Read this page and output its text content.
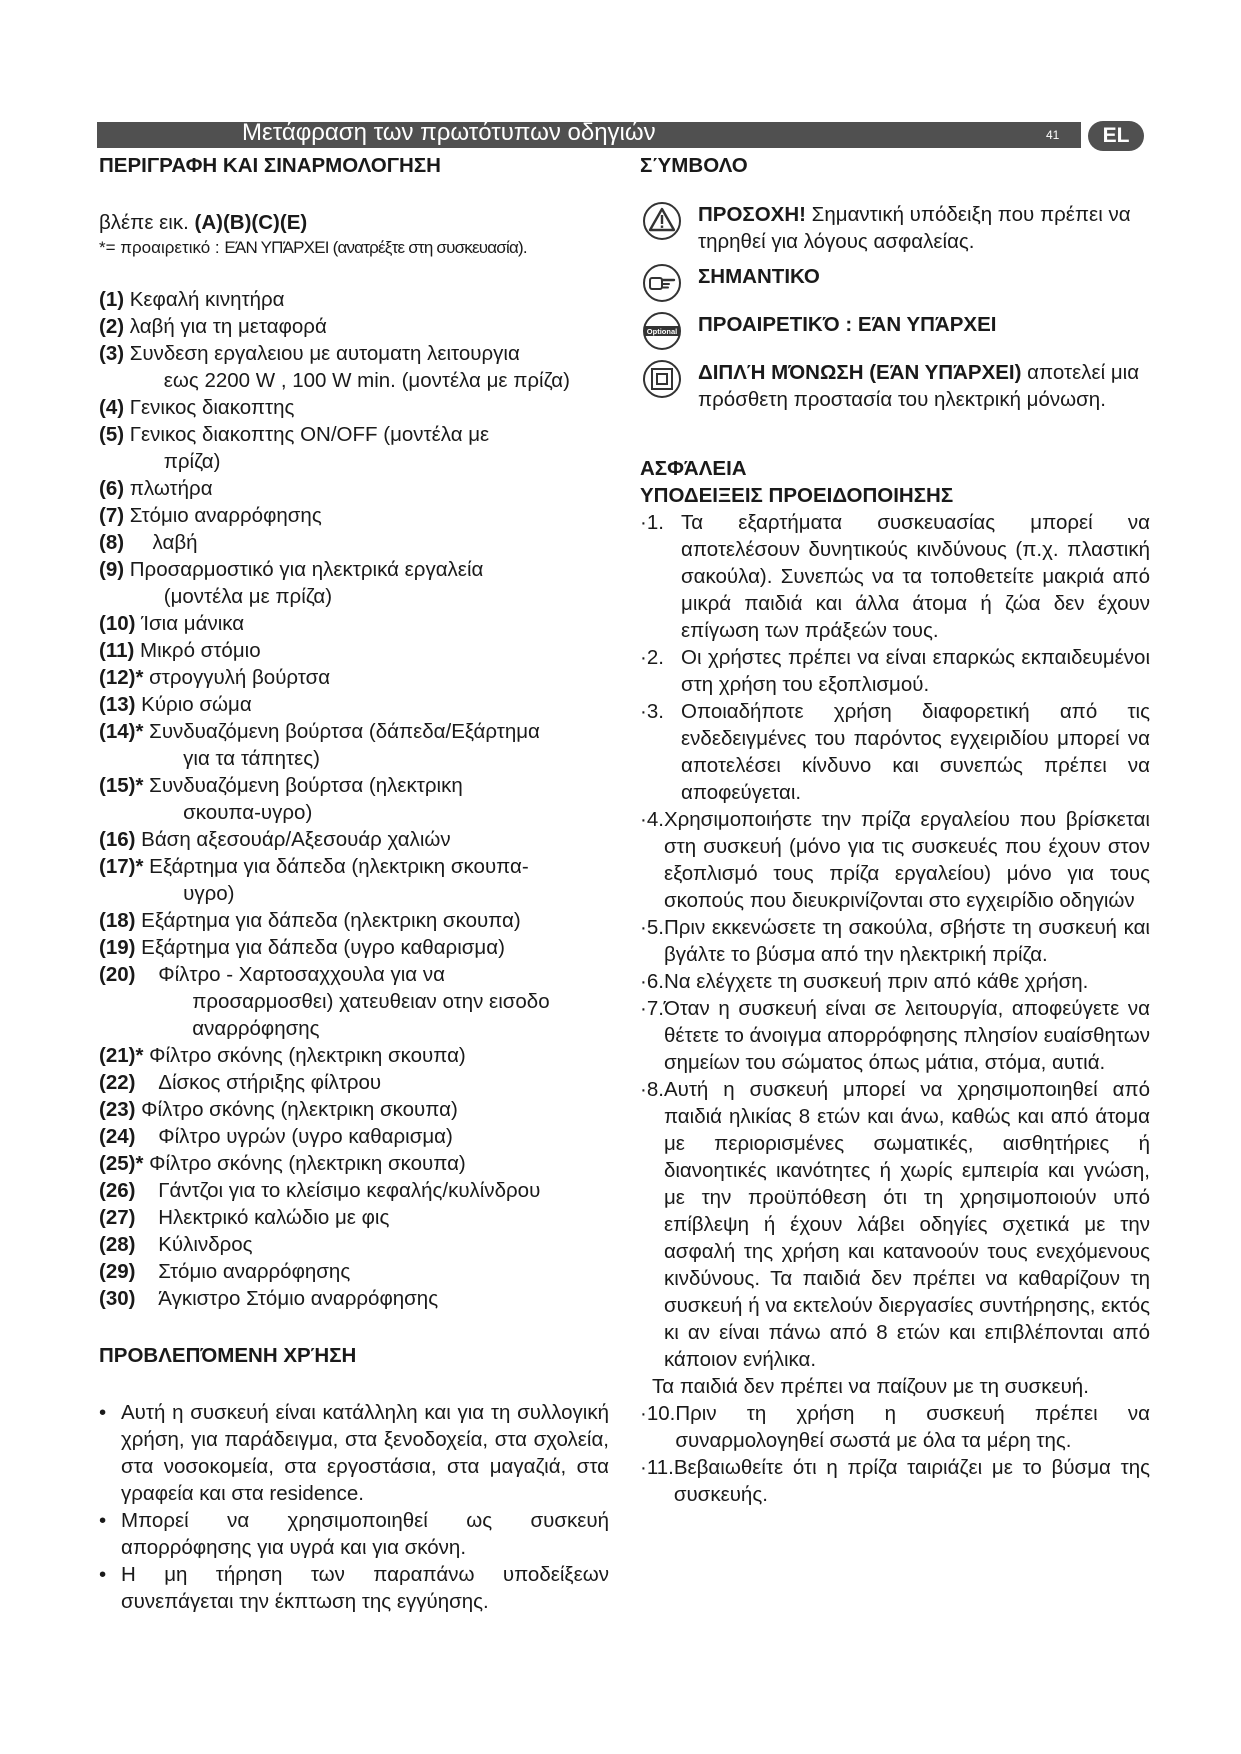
Μετάφραση των πρωτότυπων οδηγιών	41	EL

ΠΕΡΙΓΡΑΦΗ ΚΑΙ ΣΙΝΑΡΜΟΛΟΓΗΣΗ

βλέπε εικ. (A)(B)(C)(E)
*= προαιρετικό : ΕΆΝ ΥΠΆΡΧΕΙ (ανατρέξτε στη συσκευασία).
(1) Κεφαλή κινητήρα
(2) λαβή για τη μεταφορά
(3) Συνδεση εργαλειου με αυτοματη λειτουργια
εως 2200 W , 100 W min. (μοντέλα με πρίζα)
(4) Γενικος διακοπτης
(5) Γενικος διακοπτης ON/OFF (μοντέλα με
πρίζα)
(6) πλωτήρα
(7) Στόμιο αναρρόφησης
(8) λαβή
(9) Προσαρμοστικό για ηλεκτρικά εργαλεία
(μοντέλα με πρίζα)
(10) Ίσια μάνικα
(11) Μικρό στόμιο
(12)* στρογγυλή βούρτσα
(13) Κύριο σώμα
(14)* Συνδυαζόμενη βούρτσα (δάπεδα/Εξάρτημα
για τα τάπητες)
(15)* Συνδυαζόμενη βούρτσα (ηλεκτρικη
σκουπα-υγρο)
(16) Βάση αξεσουάρ/Αξεσουάρ χαλιών
(17)* Εξάρτημα για δάπεδα (ηλεκτρικη σκουπα-
υγρο)
(18) Εξάρτημα για δάπεδα (ηλεκτρικη σκουπα)
(19) Εξάρτημα για δάπεδα (υγρο καθαρισμα)
(20) Φίλτρο - Χαρτοσαχχουλα για να
προσαρμοσθει) χατευθειαν οτην εισοδο
αναρρόφησης
(21)* Φίλτρο σκόνης (ηλεκτρικη σκουπα)
(22) Δίσκος στήριξης φίλτρου
(23) Φίλτρο σκόνης (ηλεκτρικη σκουπα)
(24) Φίλτρο υγρών (υγρο καθαρισμα)
(25)* Φίλτρο σκόνης (ηλεκτρικη σκουπα)
(26) Γάντζοι για το κλείσιμο κεφαλής/κυλίνδρου
(27) Ηλεκτρικό καλώδιο με φις
(28) Κύλινδρος
(29) Στόμιο αναρρόφησης
(30) Άγκιστρο Στόμιο αναρρόφησης

ΠΡΟΒΛΕΠΌΜΕΝΗ ΧΡΉΣΗ

• Αυτή η συσκευή είναι κατάλληλη και για τη συλλογική χρήση, για παράδειγμα, στα ξενοδοχεία, στα σχολεία, στα νοσοκομεία, στα εργοστάσια, στα μαγαζιά, στα γραφεία και στα residence.
• Μπορεί να χρησιμοποιηθεί ως συσκευή απορρόφησης για υγρά και για σκόνη.
• Η μη τήρηση των παραπάνω υποδείξεων συνεπάγεται την έκπτωση της εγγύησης.

ΣΎΜΒΟΛΟ

ΠΡΟΣΟΧΗ! Σημαντική υπόδειξη που πρέπει να τηρηθεί για λόγους ασφαλείας.
ΣΗΜΑΝΤΙΚΟ
Optional	ΠΡΟΑΙΡΕΤΙΚΌ : ΕΆΝ ΥΠΆΡΧΕΙ
ΔΙΠΛΉ ΜΌΝΩΣΗ (ΕΆΝ ΥΠΆΡΧΕΙ) αποτελεί μια πρόσθετη προστασία του ηλεκτρική μόνωση.

ΑΣΦΆΛΕΙΑ

ΥΠΟΔΕΙΞΕΙΣ ΠΡΟΕΙΔΟΠΟΙΗΣΗΣ

·1. Τα εξαρτήματα συσκευασίας μπορεί να αποτελέσουν δυνητικούς κινδύνους (π.χ. πλαστική σακούλα). Συνεπώς να τα τοποθετείτε μακριά από μικρά παιδιά και άλλα άτομα ή ζώα δεν έχουν επίγωση των πράξεών τους.
·2. Οι χρήστες πρέπει να είναι επαρκώς εκπαιδευμένοι στη χρήση του εξοπλισμού.
·3. Οποιαδήποτε χρήση διαφορετική από τις ενδεδειγμένες του παρόντος εγχειριδίου μπορεί να αποτελέσει κίνδυνο και συνεπώς πρέπει να αποφεύγεται.
·4. Χρησιμοποιήστε την πρίζα εργαλείου που βρίσκεται στη συσκευή (μόνο για τις συσκευές που έχουν στον εξοπλισμό τους πρίζα εργαλείου) μόνο για τους σκοπούς που διευκρινίζονται στο εγχειρίδιο οδηγιών
·5. Πριν εκκενώσετε τη σακούλα, σβήστε τη συσκευή και βγάλτε το βύσμα από την ηλεκτρική πρίζα.
·6. Να ελέγχετε τη συσκευή πριν από κάθε χρήση.
·7. Όταν η συσκευή είναι σε λειτουργία, αποφεύγετε να θέτετε το άνοιγμα απορρόφησης πλησίον ευαίσθητων σημείων του σώματος όπως μάτια, στόμα, αυτιά.
·8. Αυτή η συσκευή μπορεί να χρησιμοποιηθεί από παιδιά ηλικίας 8 ετών και άνω, καθώς και από άτομα με περιορισμένες σωματικές, αισθητήριες ή διανοητικές ικανότητες ή χωρίς εμπειρία και γνώση, με την προϋπόθεση ότι τη χρησιμοποιούν υπό επίβλεψη ή έχουν λάβει οδηγίες σχετικά με την ασφαλή της χρήση και κατανοούν τους ενεχόμενους κινδύνους. Τα παιδιά δεν πρέπει να καθαρίζουν τη συσκευή ή να εκτελούν διεργασίες συντήρησης, εκτός κι αν είναι πάνω από 8 ετών και επιβλέπονται από κάποιον ενήλικα.
Τα παιδιά δεν πρέπει να παίζουν με τη συσκευή.
·10. Πριν τη χρήση η συσκευή πρέπει να συναρμολογηθεί σωστά με όλα τα μέρη της.
·11. Βεβαιωθείτε ότι η πρίζα ταιριάζει με το βύσμα της συσκευής.
